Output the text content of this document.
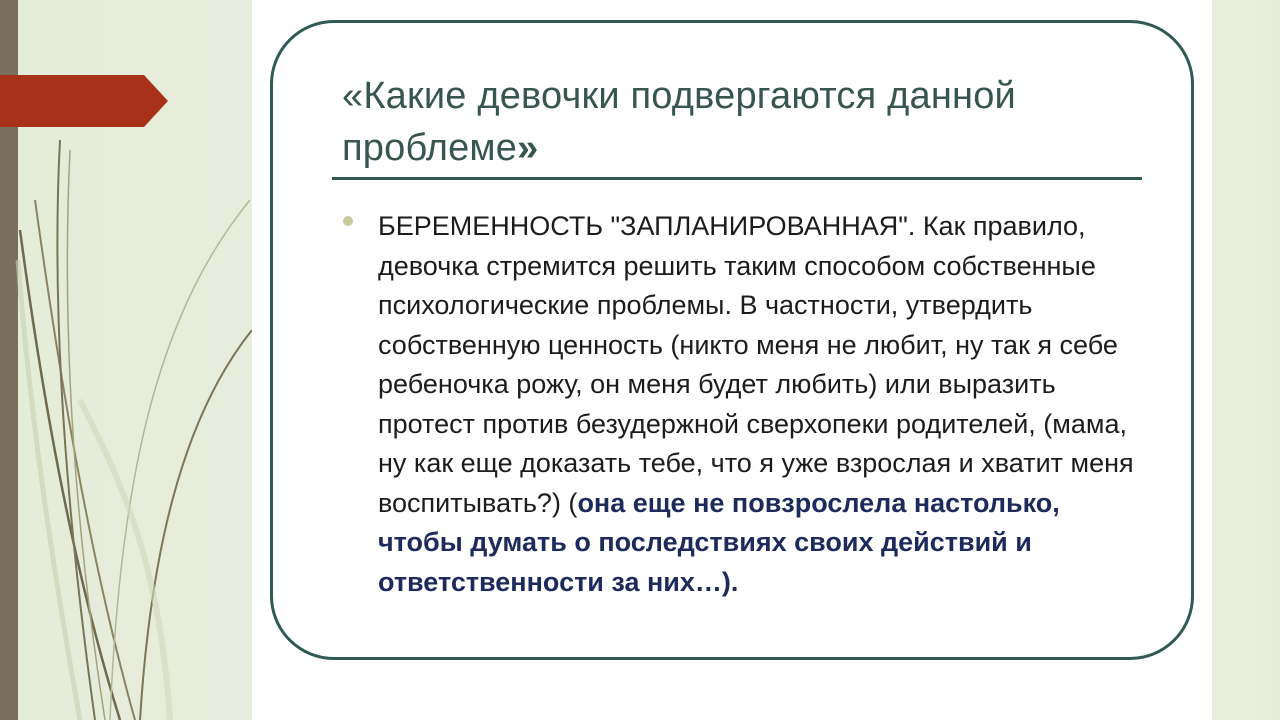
«Какие девочки подвергаются данной проблеме»
БЕРЕМЕННОСТЬ "ЗАПЛАНИРОВАННАЯ". Как правило, девочка стремится решить таким способом собственные психологические проблемы. В частности, утвердить собственную ценность (никто меня не любит, ну так я себе ребеночка рожу, он меня будет любить) или выразить протест против безудержной сверхопеки родителей, (мама, ну как еще доказать тебе, что я уже взрослая и хватит меня воспитывать?) (она еще не повзрослела настолько, чтобы думать о последствиях своих действий и ответственности за них…).
